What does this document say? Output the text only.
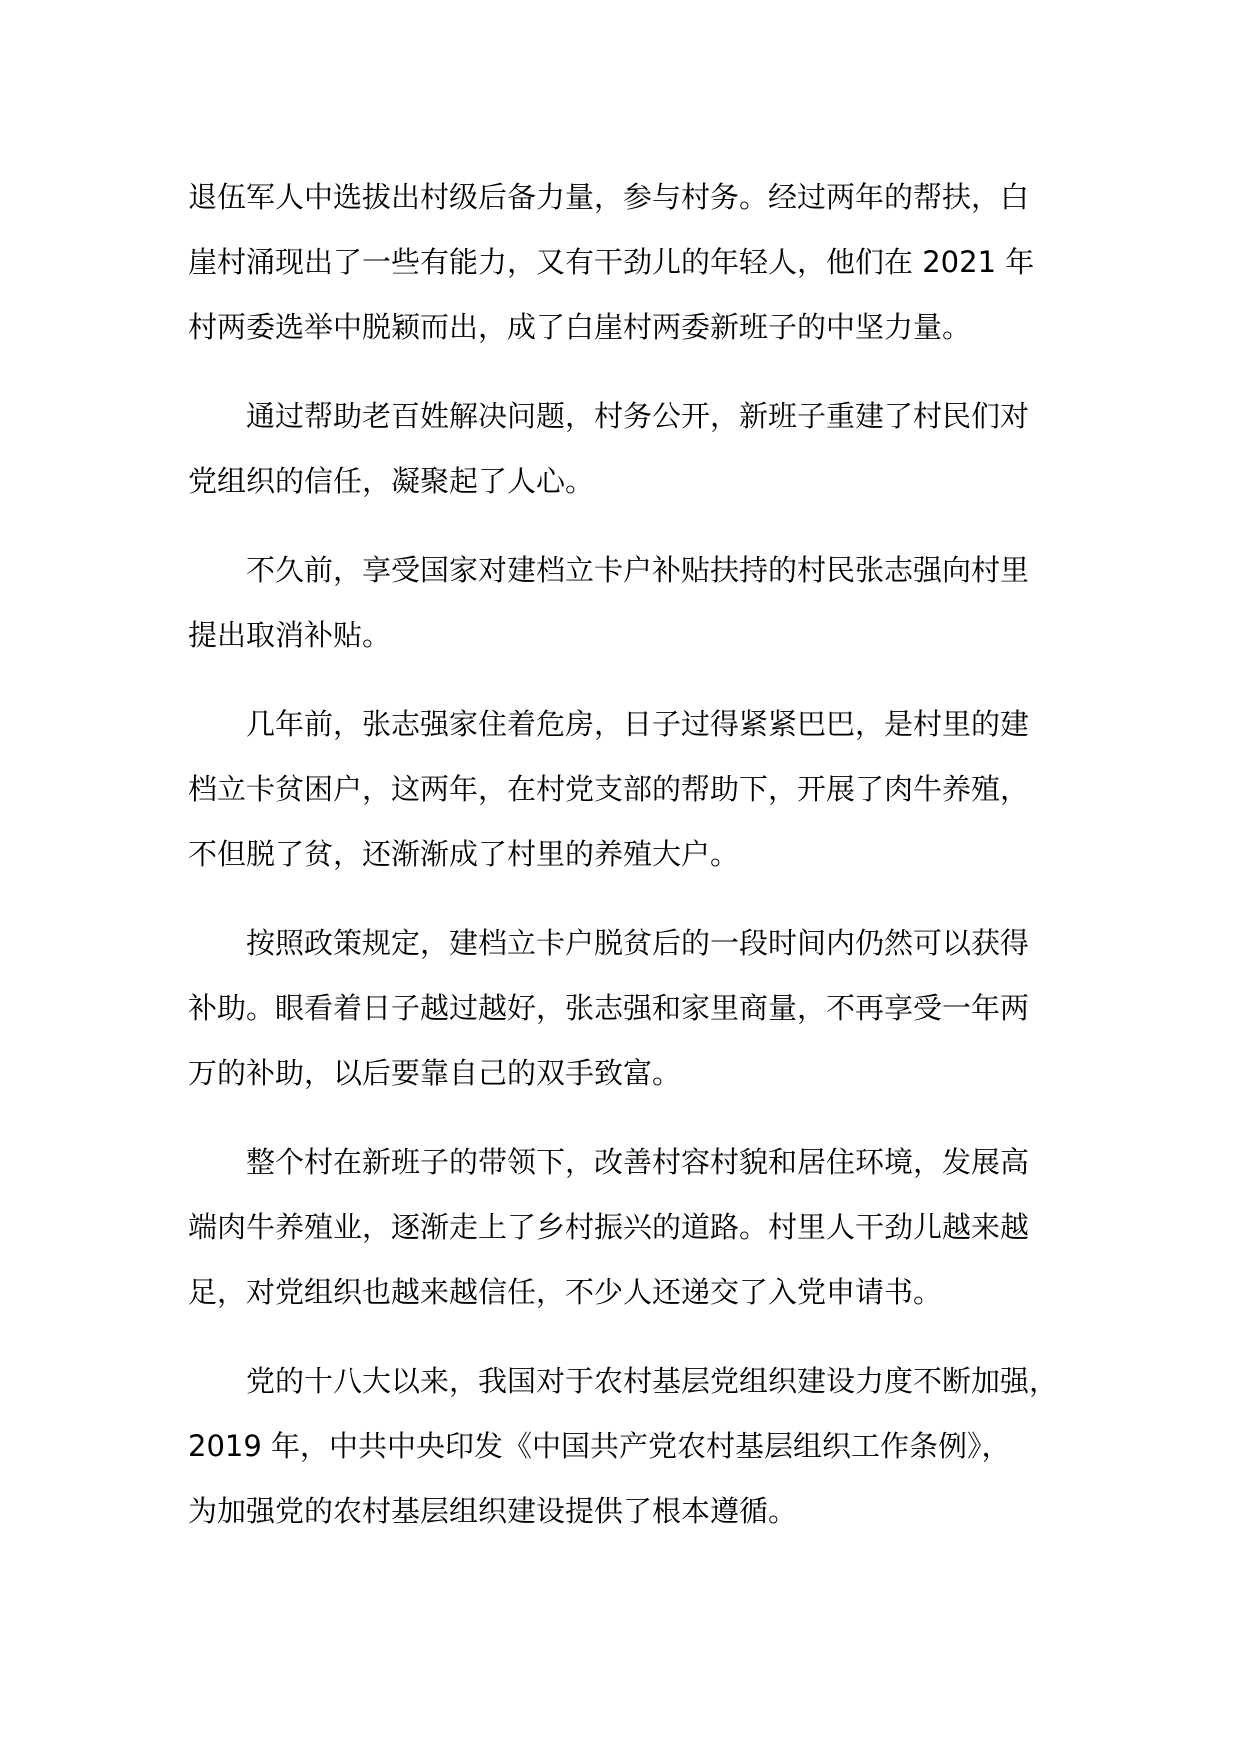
退伍军人中选拔出村级后备力量，参与村务。经过两年的帮扶，白
崖村涌现出了一些有能力，又有干劲儿的年轻人，他们在 2021 年
村两委选举中脱颖而出，成了白崖村两委新班子的中坚力量。
通过帮助老百姓解决问题，村务公开，新班子重建了村民们对
党组织的信任，凝聚起了人心。
不久前，享受国家对建档立卡户补贴扶持的村民张志强向村里
提出取消补贴。
几年前，张志强家住着危房，日子过得紧紧巴巴，是村里的建
档立卡贫困户，这两年，在村党支部的帮助下，开展了肉牛养殖，
不但脱了贫，还渐渐成了村里的养殖大户。
按照政策规定，建档立卡户脱贫后的一段时间内仍然可以获得
补助。眼看着日子越过越好，张志强和家里商量，不再享受一年两
万的补助，以后要靠自己的双手致富。
整个村在新班子的带领下，改善村容村貌和居住环境，发展高
端肉牛养殖业，逐渐走上了乡村振兴的道路。村里人干劲儿越来越
足，对党组织也越来越信任，不少人还递交了入党申请书。
党的十八大以来，我国对于农村基层党组织建设力度不断加强，
2019 年，中共中央印发《中国共产党农村基层组织工作条例》，
为加强党的农村基层组织建设提供了根本遵循。
